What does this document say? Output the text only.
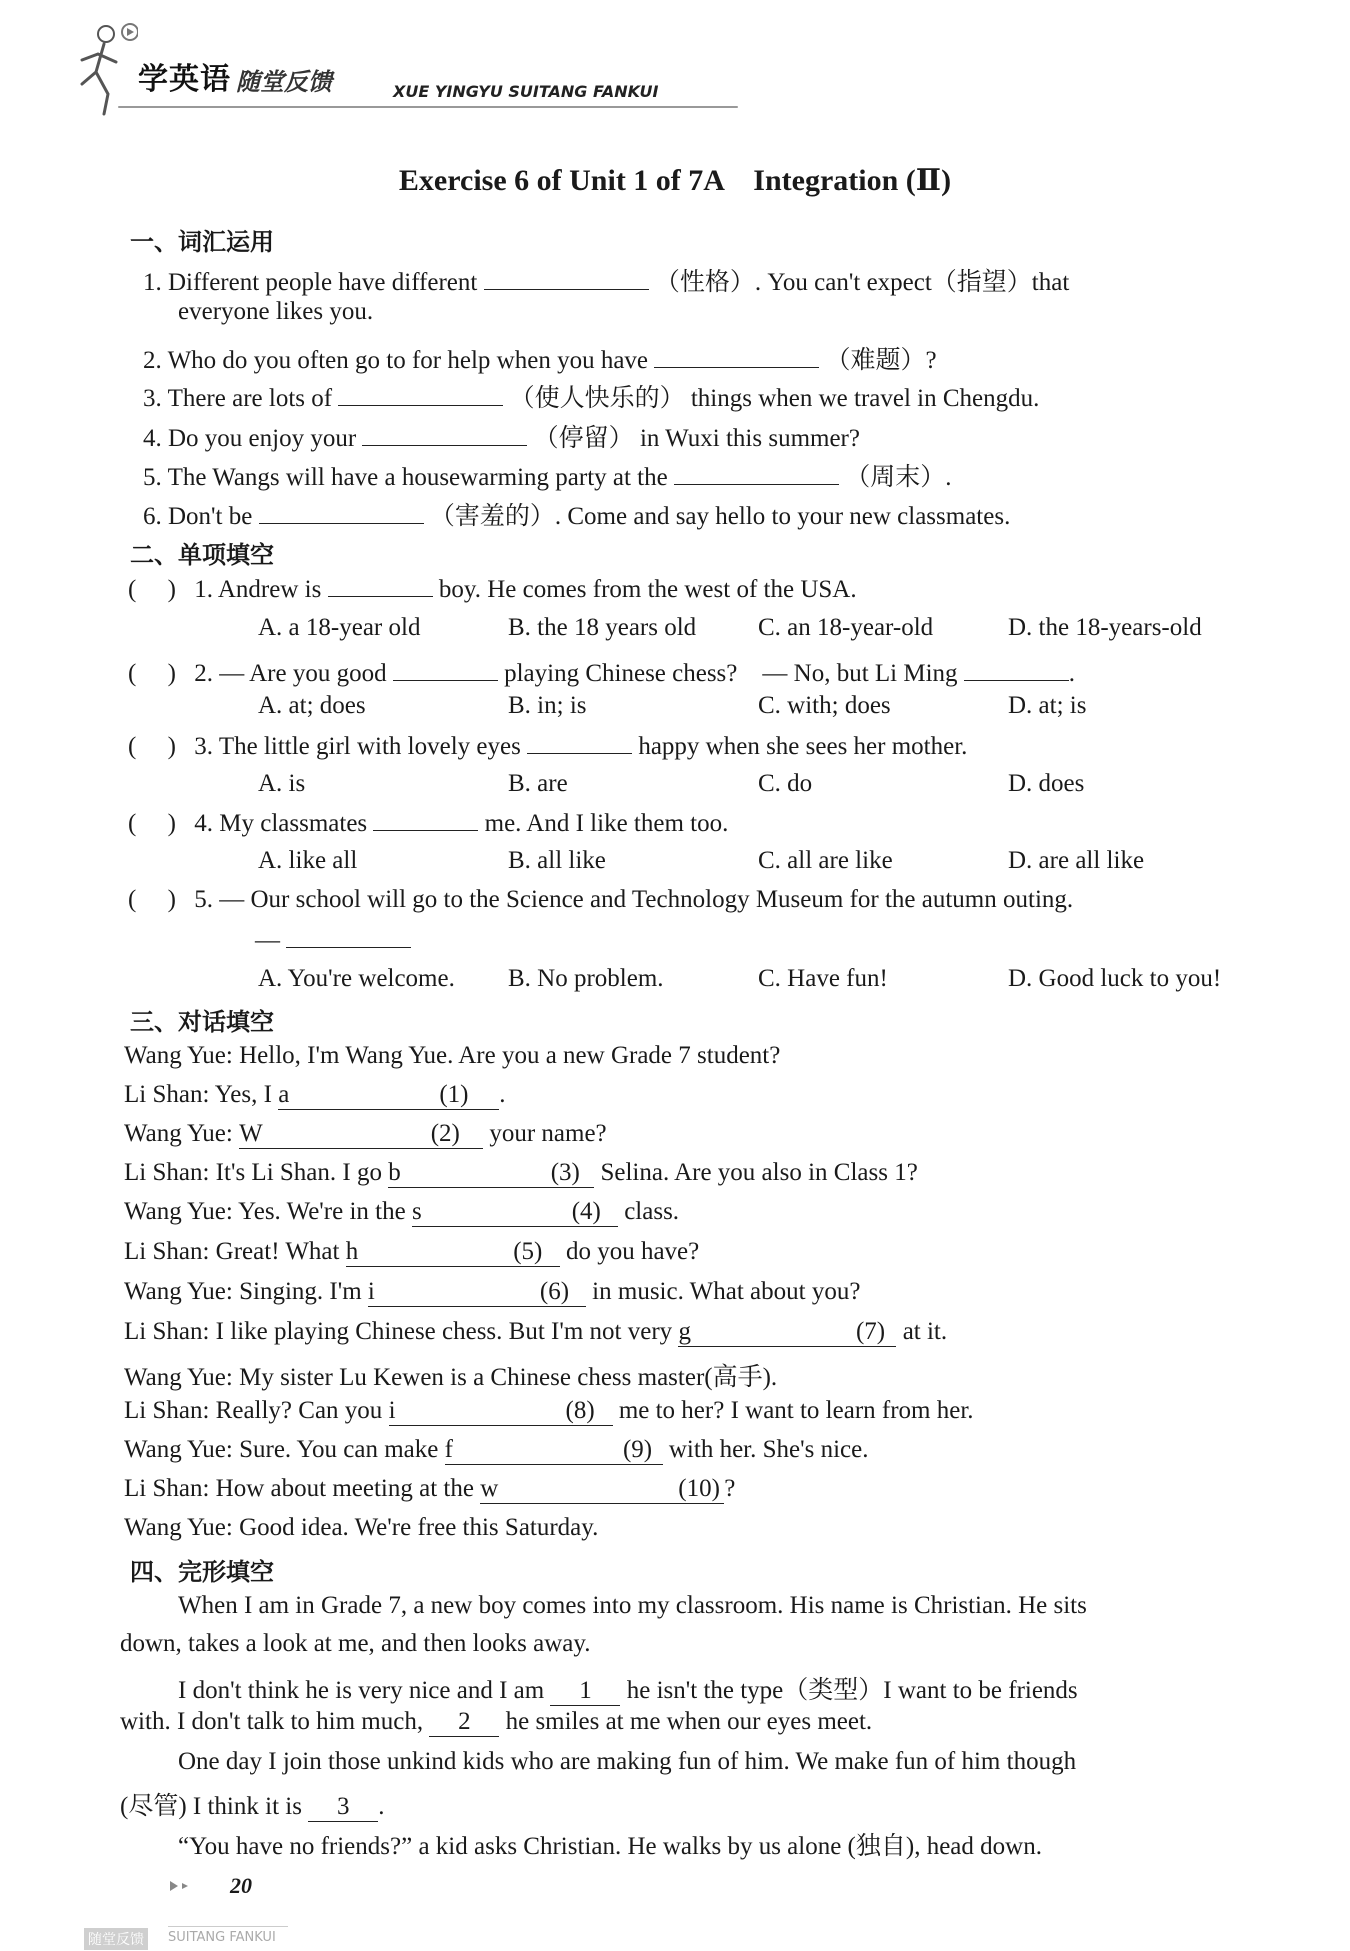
学英语 随堂反馈	XUE YINGYU SUITANG FANKUI
Exercise 6 of Unit 1 of 7A　Integration (Ⅱ)
一、词汇运用
1. Different people have different	（性格）. You can't expect（指望）that
everyone likes you.
2. Who do you often go to for help when you have	（难题）?
3. There are lots of	（使人快乐的） things when we travel in Chengdu.
4. Do you enjoy your	（停留） in Wuxi this summer?
5. The Wangs will have a housewarming party at the	（周末）.
6. Don't be	（害羞的）. Come and say hello to your new classmates.
二、单项填空
(     ) 1. Andrew is	boy. He comes from the west of the USA.
A. a 18-year old	B. the 18 years old	C. an 18-year-old	D. the 18-years-old
(     ) 2. — Are you good	playing Chinese chess?　— No, but Li Ming	.
A. at; does	B. in; is	C. with; does	D. at; is
(     ) 3. The little girl with lovely eyes	happy when she sees her mother.
A. is	B. are	C. do	D. does
(     ) 4. My classmates	me. And I like them too.
A. like all	B. all like	C. all are like	D. are all like
(     ) 5. — Our school will go to the Science and Technology Museum for the autumn outing.
—
A. You're welcome.	B. No problem.	C. Have fun!	D. Good luck to you!
三、对话填空
Wang Yue: Hello, I'm Wang Yue. Are you a new Grade 7 student?
Li Shan: Yes, I a	(1) .
Wang Yue: W	(2) your name?
Li Shan: It's Li Shan. I go b	(3) Selina. Are you also in Class 1?
Wang Yue: Yes. We're in the s	(4) class.
Li Shan: Great! What h	(5) do you have?
Wang Yue: Singing. I'm i	(6) in music. What about you?
Li Shan: I like playing Chinese chess. But I'm not very g	(7) at it.
Wang Yue: My sister Lu Kewen is a Chinese chess master(高手).
Li Shan: Really? Can you i	(8) me to her? I want to learn from her.
Wang Yue: Sure. You can make f	(9) with her. She's nice.
Li Shan: How about meeting at the w	(10) ?
Wang Yue: Good idea. We're free this Saturday.
四、完形填空
When I am in Grade 7, a new boy comes into my classroom. His name is Christian. He sits
down, takes a look at me, and then looks away.
I don't think he is very nice and I am 1 he isn't the type（类型）I want to be friends
with. I don't talk to him much, 2 he smiles at me when our eyes meet.
One day I join those unkind kids who are making fun of him. We make fun of him though
(尽管) I think it is 3 .
“You have no friends?” a kid asks Christian. He walks by us alone (独自), head down.
20
随堂反馈	SUITANG FANKUI
